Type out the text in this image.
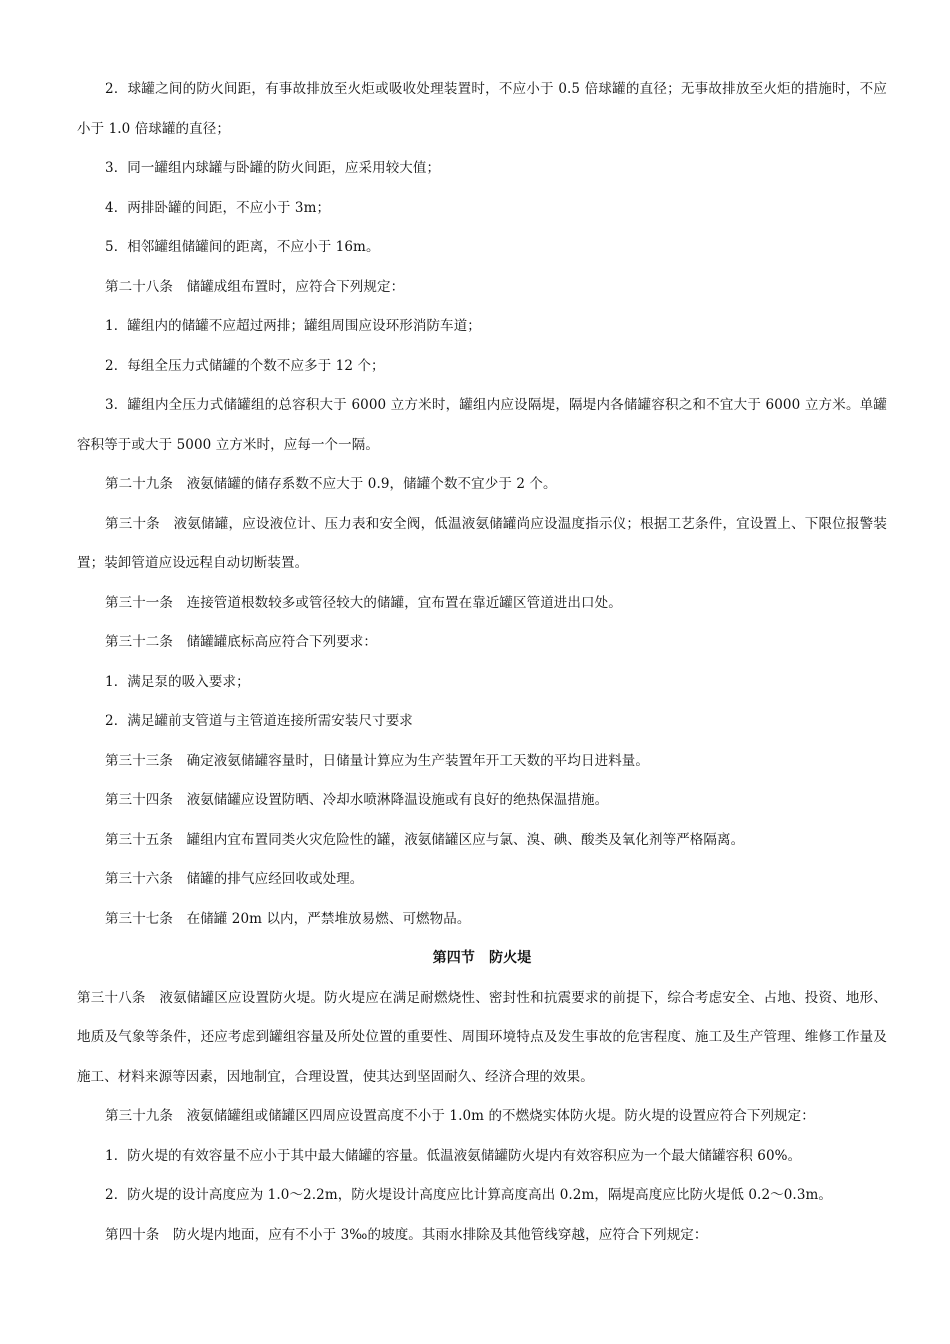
2．球罐之间的防火间距，有事故排放至火炬或吸收处理装置时，不应小于 0.5 倍球罐的直径；无事故排放至火炬的措施时，不应小于 1.0 倍球罐的直径；

3．同一罐组内球罐与卧罐的防火间距，应采用较大值；

4．两排卧罐的间距，不应小于 3m；

5．相邻罐组储罐间的距离，不应小于 16m。

第二十八条　储罐成组布置时，应符合下列规定：

1．罐组内的储罐不应超过两排；罐组周围应设环形消防车道；

2．每组全压力式储罐的个数不应多于 12 个；

3．罐组内全压力式储罐组的总容积大于 6000 立方米时，罐组内应设隔堤，隔堤内各储罐容积之和不宜大于 6000 立方米。单罐容积等于或大于 5000 立方米时，应每一个一隔。

第二十九条　液氨储罐的储存系数不应大于 0.9，储罐个数不宜少于 2 个。

第三十条　液氨储罐，应设液位计、压力表和安全阀，低温液氨储罐尚应设温度指示仪；根据工艺条件，宜设置上、下限位报警装置；装卸管道应设远程自动切断装置。

第三十一条　连接管道根数较多或管径较大的储罐，宜布置在靠近罐区管道进出口处。

第三十二条　储罐罐底标高应符合下列要求：

1．满足泵的吸入要求；

2．满足罐前支管道与主管道连接所需安装尺寸要求

第三十三条　确定液氨储罐容量时，日储量计算应为生产装置年开工天数的平均日进料量。

第三十四条　液氨储罐应设置防晒、冷却水喷淋降温设施或有良好的绝热保温措施。

第三十五条　罐组内宜布置同类火灾危险性的罐，液氨储罐区应与氯、溴、碘、酸类及氧化剂等严格隔离。

第三十六条　储罐的排气应经回收或处理。

第三十七条　在储罐 20m 以内，严禁堆放易燃、可燃物品。

第四节　防火堤

第三十八条　液氨储罐区应设置防火堤。防火堤应在满足耐燃烧性、密封性和抗震要求的前提下，综合考虑安全、占地、投资、地形、地质及气象等条件，还应考虑到罐组容量及所处位置的重要性、周围环境特点及发生事故的危害程度、施工及生产管理、维修工作量及施工、材料来源等因素，因地制宜，合理设置，使其达到坚固耐久、经济合理的效果。

第三十九条　液氨储罐组或储罐区四周应设置高度不小于 1.0m 的不燃烧实体防火堤。防火堤的设置应符合下列规定：

1．防火堤的有效容量不应小于其中最大储罐的容量。低温液氨储罐防火堤内有效容积应为一个最大储罐容积 60%。

2．防火堤的设计高度应为 1.0～2.2m，防火堤设计高度应比计算高度高出 0.2m，隔堤高度应比防火堤低 0.2～0.3m。

第四十条　防火堤内地面，应有不小于 3‰的坡度。其雨水排除及其他管线穿越，应符合下列规定：
